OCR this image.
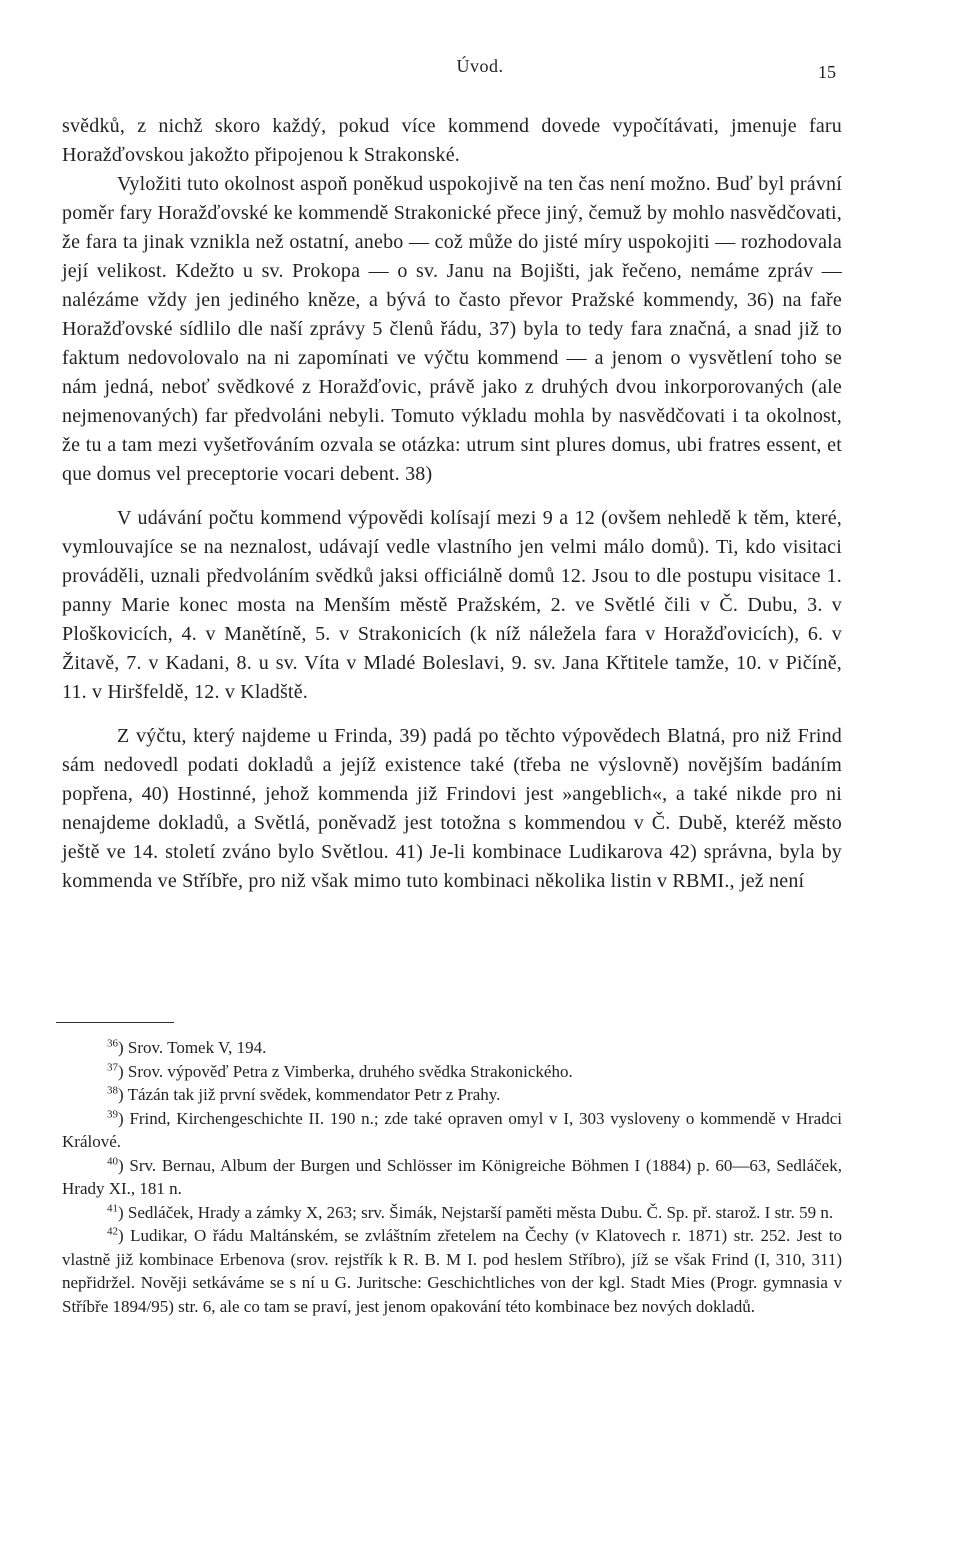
Úvod.	15

svědků, z nichž skoro každý, pokud více kommend dovede vypočítávati, jmenuje faru Horažďovskou jakožto připojenou k Strakonské.

Vyložiti tuto okolnost aspoň poněkud uspokojivě na ten čas není možno. Buď byl právní poměr fary Horažďovské ke kommendě Strakonické přece jiný, čemuž by mohlo nasvědčovati, že fara ta jinak vznikla než ostatní, anebo — což může do jisté míry uspokojiti — rozhodovala její velikost. Kdežto u sv. Prokopa — o sv. Janu na Bojišti, jak řečeno, nemáme zpráv — nalézáme vždy jen jediného kněze, a bývá to často převor Pražské kommendy, 36) na faře Horažďovské sídlilo dle naší zprávy 5 členů řádu, 37) byla to tedy fara značná, a snad již to faktum nedovolovalo na ni zapomínati ve výčtu kommend — a jenom o vysvětlení toho se nám jedná, neboť svědkové z Horažďovic, právě jako z druhých dvou inkorporovaných (ale nejmenovaných) far předvoláni nebyli. Tomuto výkladu mohla by nasvědčovati i ta okolnost, že tu a tam mezi vyšetřováním ozvala se otázka: utrum sint plures domus, ubi fratres essent, et que domus vel preceptorie vocari debent. 38)

V udávání počtu kommend výpovědi kolísají mezi 9 a 12 (ovšem nehledě k těm, které, vymlouvajíce se na neznalost, udávají vedle vlastního jen velmi málo domů). Ti, kdo visitaci prováděli, uznali předvoláním svědků jaksi officiálně domů 12. Jsou to dle postupu visitace 1. panny Marie konec mosta na Menším městě Pražském, 2. ve Světlé čili v Č. Dubu, 3. v Ploškovicích, 4. v Manětíně, 5. v Strakonicích (k níž náležela fara v Horažďovicích), 6. v Žitavě, 7. v Kadani, 8. u sv. Víta v Mladé Boleslavi, 9. sv. Jana Křtitele tamže, 10. v Pičíně, 11. v Hiršfeldě, 12. v Kladště.

Z výčtu, který najdeme u Frinda, 39) padá po těchto výpovědech Blatná, pro niž Frind sám nedovedl podati dokladů a jejíž existence také (třeba ne výslovně) novějším badáním popřena, 40) Hostinné, jehož kommenda již Frindovi jest »angeblich«, a také nikde pro ni nenajdeme dokladů, a Světlá, poněvadž jest totožna s kommendou v Č. Dubě, kteréž město ještě ve 14. století zváno bylo Světlou. 41) Je-li kombinace Ludikarova 42) správna, byla by kommenda ve Stříbře, pro niž však mimo tuto kombinaci několika listin v RBMI., jež není

$^{36}$) Srov. Tomek V, 194.

$^{37}$) Srov. výpověď Petra z Vimberka, druhého svědka Strakonického.

$^{38}$) Tázán tak již první svědek, kommendator Petr z Prahy.

$^{39}$) Frind, Kirchengeschichte II. 190 n.; zde také opraven omyl v I, 303 vysloveny o kommendě v Hradci Králové.

$^{40}$) Srv. Bernau, Album der Burgen und Schlösser im Königreiche Böhmen I (1884) p. 60—63, Sedláček, Hrady XI., 181 n.

$^{41}$) Sedláček, Hrady a zámky X, 263; srv. Šimák, Nejstarší paměti města Dubu. Č. Sp. př. starož. I str. 59 n.

$^{42}$) Ludikar, O řádu Maltánském, se zvláštním zřetelem na Čechy (v Klatovech r. 1871) str. 252. Jest to vlastně již kombinace Erbenova (srov. rejstřík k R. B. M I. pod heslem Stříbro), jíž se však Frind (I, 310, 311) nepřidržel. Nověji setkáváme se s ní u G. Juritsche: Geschichtliches von der kgl. Stadt Mies (Progr. gymnasia v Stříbře 1894/95) str. 6, ale co tam se praví, jest jenom opakování této kombinace bez nových dokladů.
